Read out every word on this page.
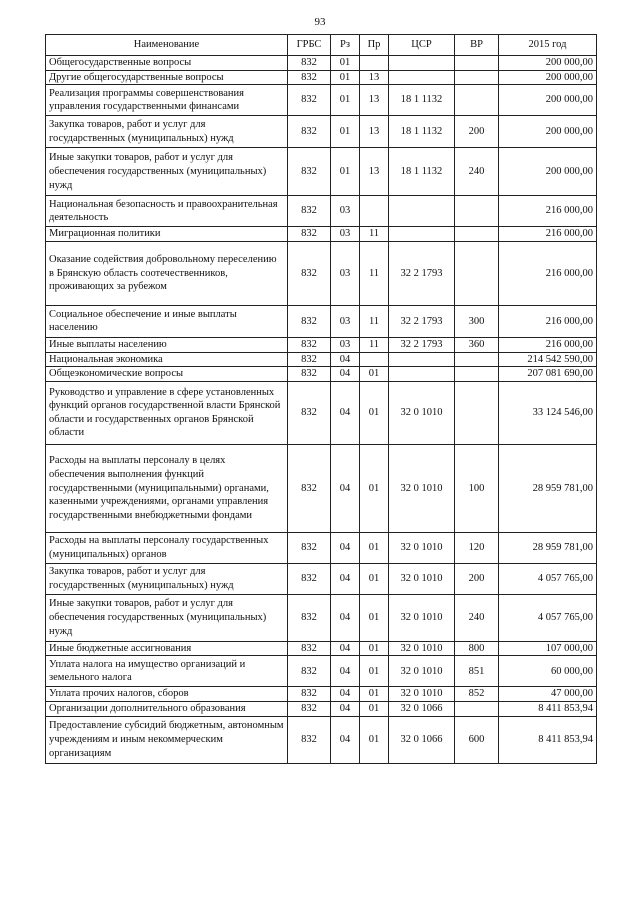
93
Наименование	ГРБС	Рз	Пр	ЦСР	ВР	2015 год
Общегосударственные вопросы	832	01				200 000,00
Другие общегосударственные вопросы	832	01	13			200 000,00
Реализация программы совершенствования управления государственными финансами	832	01	13	18 1 1132		200 000,00
Закупка товаров, работ и услуг для государственных (муниципальных) нужд	832	01	13	18 1 1132	200	200 000,00
Иные закупки товаров, работ и услуг для обеспечения государственных (муниципальных) нужд	832	01	13	18 1 1132	240	200 000,00
Национальная безопасность и правоохранительная деятельность	832	03				216 000,00
Миграционная политики	832	03	11			216 000,00
Оказание содействия добровольному переселению в Брянскую область соотечественников, проживающих за рубежом	832	03	11	32 2 1793		216 000,00
Социальное обеспечение и иные выплаты населению	832	03	11	32 2 1793	300	216 000,00
Иные выплаты населению	832	03	11	32 2 1793	360	216 000,00
Национальная экономика	832	04				214 542 590,00
Общеэкономические вопросы	832	04	01			207 081 690,00
Руководство и управление в сфере установленных функций органов государственной власти Брянской области и государственных органов Брянской области	832	04	01	32 0 1010		33 124 546,00
Расходы на выплаты персоналу в целях обеспечения выполнения функций государственными (муниципальными) органами, казенными учреждениями, органами управления государственными внебюджетными фондами	832	04	01	32 0 1010	100	28 959 781,00
Расходы на выплаты персоналу государственных (муниципальных) органов	832	04	01	32 0 1010	120	28 959 781,00
Закупка товаров, работ и услуг для государственных (муниципальных) нужд	832	04	01	32 0 1010	200	4 057 765,00
Иные закупки товаров, работ и услуг для обеспечения государственных (муниципальных) нужд	832	04	01	32 0 1010	240	4 057 765,00
Иные бюджетные ассигнования	832	04	01	32 0 1010	800	107 000,00
Уплата налога на имущество организаций и земельного налога	832	04	01	32 0 1010	851	60 000,00
Уплата прочих налогов, сборов	832	04	01	32 0 1010	852	47 000,00
Организации дополнительного образования	832	04	01	32 0 1066		8 411 853,94
Предоставление субсидий бюджетным, автономным учреждениям и иным некоммерческим организациям	832	04	01	32 0 1066	600	8 411 853,94
